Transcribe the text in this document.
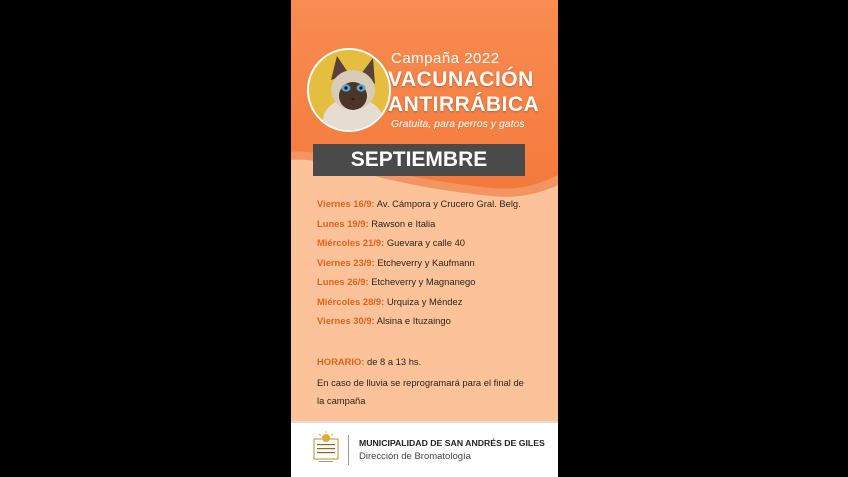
Campaña 2022
VACUNACIÓN
ANTIRRÁBICA
Gratuita, para perros y gatos
SEPTIEMBRE
Viernes 16/9: Av. Cámpora y Crucero Gral. Belg.
Lunes 19/9: Rawson e Italia
Miércoles 21/9: Guevara y calle 40
Viernes 23/9: Etcheverry y Kaufmann
Lunes 26/9: Etcheverry y Magnanego
Miércoles 28/9: Urquiza y Méndez
Viernes 30/9: Alsina e Ituzaingo
HORARIO: de 8 a 13 hs.
En caso de lluvia se reprogramará para el final de
la campaña
MUNICIPALIDAD DE SAN ANDRÉS DE GILES
Dirección de Bromatología
